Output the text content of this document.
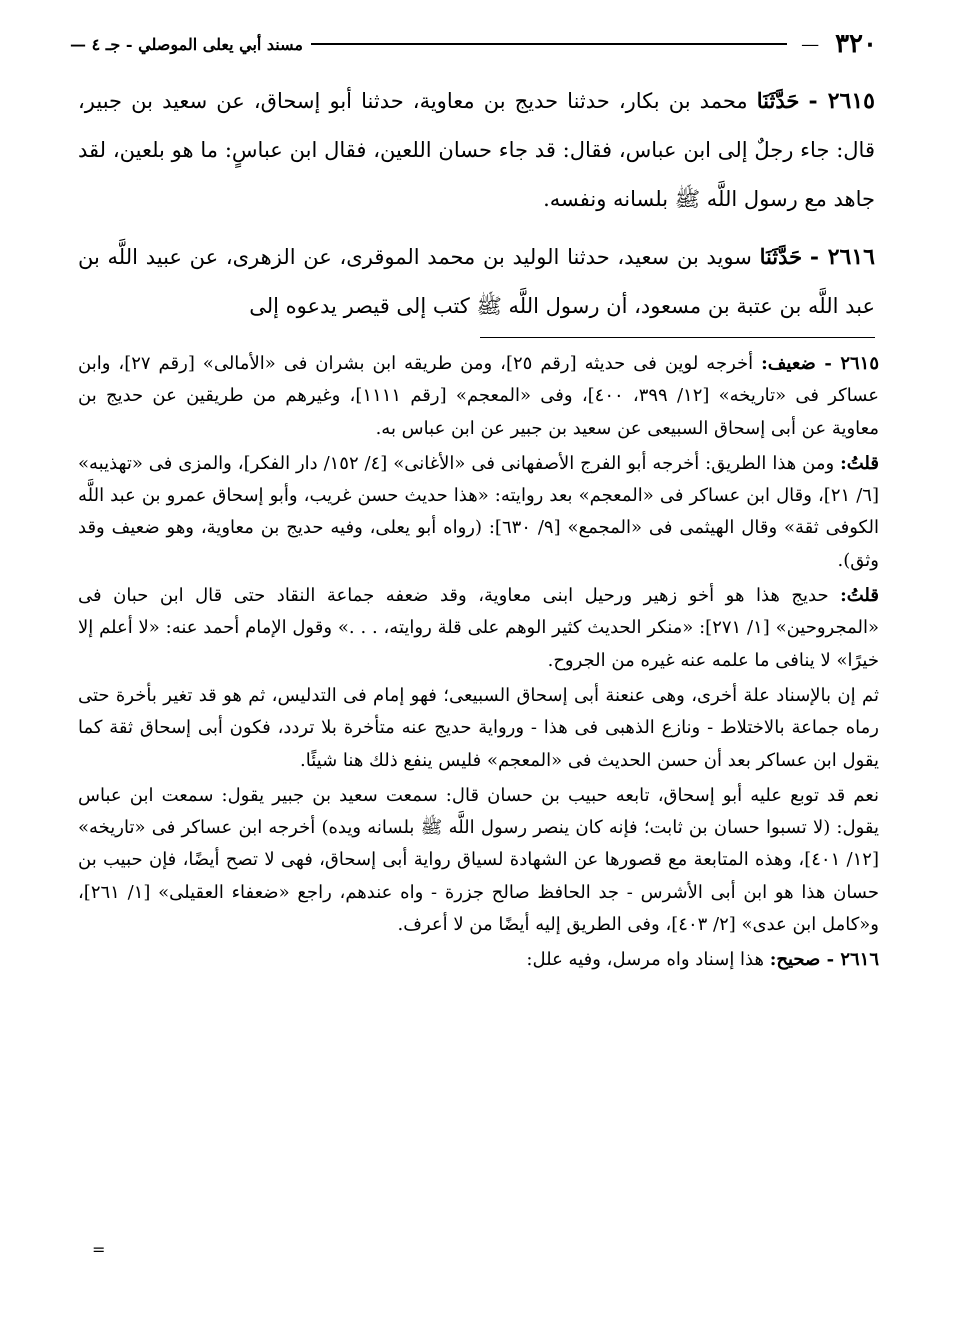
٣٢٠
—
مسند أبي يعلى الموصلي - جـ ٤ —

٢٦١٥ - حَدَّثَنَا محمد بن بكار، حدثنا حديج بن معاوية، حدثنا أبو إسحاق، عن سعيد بن جبير، قال: جاء رجلٌ إلى ابن عباس، فقال: قد جاء حسان اللعين، فقال ابن عباسٍ: ما هو بلعين، لقد جاهد مع رسول اللَّه ﷺ بلسانه ونفسه.

٢٦١٦ - حَدَّثَنَا سويد بن سعيد، حدثنا الوليد بن محمد الموقرى، عن الزهرى، عن عبيد اللَّه بن عبد اللَّه بن عتبة بن مسعود، أن رسول اللَّه ﷺ كتب إلى قيصر يدعوه إلى

٢٦١٥ - ضعيف: أخرجه لوين فى حديثه [رقم ٢٥]، ومن طريقه ابن بشران فى «الأمالى» [رقم ٢٧]، وابن عساكر فى «تاريخه» [١٢/ ٣٩٩، ٤٠٠]، وفى «المعجم» [رقم ١١١١]، وغيرهم من طريقين عن حديج بن معاوية عن أبى إسحاق السبيعى عن سعيد بن جبير عن ابن عباس به.

قلتُ: ومن هذا الطريق: أخرجه أبو الفرج الأصفهانى فى «الأغانى» [٤/ ١٥٢/ دار الفكر]، والمزى فى «تهذيبه» [٦/ ٢١]، وقال ابن عساكر فى «المعجم» بعد روايته: «هذا حديث حسن غريب، وأبو إسحاق عمرو بن عبد اللَّه الكوفى ثقة» وقال الهيثمى فى «المجمع» [٩/ ٦٣٠]: (رواه أبو يعلى، وفيه حديج بن معاوية، وهو ضعيف وقد وثق).

قلتُ: حديج هذا هو أخو زهير ورحيل ابنى معاوية، وقد ضعفه جماعة النقاد حتى قال ابن حبان فى «المجروحين» [١/ ٢٧١]: «منكر الحديث كثير الوهم على قلة روايته، . . .» وقول الإمام أحمد عنه: «لا أعلم إلا خيرًا» لا ينافى ما علمه عنه غيره من الجروح.

ثم إن بالإسناد علة أخرى، وهى عنعنة أبى إسحاق السبيعى؛ فهو إمام فى التدليس، ثم هو قد تغير بأخرة حتى رماه جماعة بالاختلاط - ونازع الذهبى فى هذا - ورواية حديج عنه متأخرة بلا تردد، فكون أبى إسحاق ثقة كما يقول ابن عساكر بعد أن حسن الحديث فى «المعجم» فليس ينفع ذلك هنا شيئًا.

نعم قد توبع عليه أبو إسحاق، تابعه حبيب بن حسان قال: سمعت سعيد بن جبير يقول: سمعت ابن عباس يقول: (لا تسبوا حسان بن ثابت؛ فإنه كان ينصر رسول اللَّه ﷺ بلسانه ويده) أخرجه ابن عساكر فى «تاريخه» [١٢/ ٤٠١]، وهذه المتابعة مع قصورها عن الشهادة لسياق رواية أبى إسحاق، فهى لا تصح أيضًا، فإن حبيب بن حسان هذا هو ابن أبى الأشرس - جد الحافظ صالح جزرة - واه عندهم، راجع «ضعفاء العقيلى» [١/ ٢٦١]، و«كامل ابن عدى» [٢/ ٤٠٣]، وفى الطريق إليه أيضًا من لا أعرف.

٢٦١٦ - صحيح: هذا إسناد واه مرسل، وفيه علل:

=
